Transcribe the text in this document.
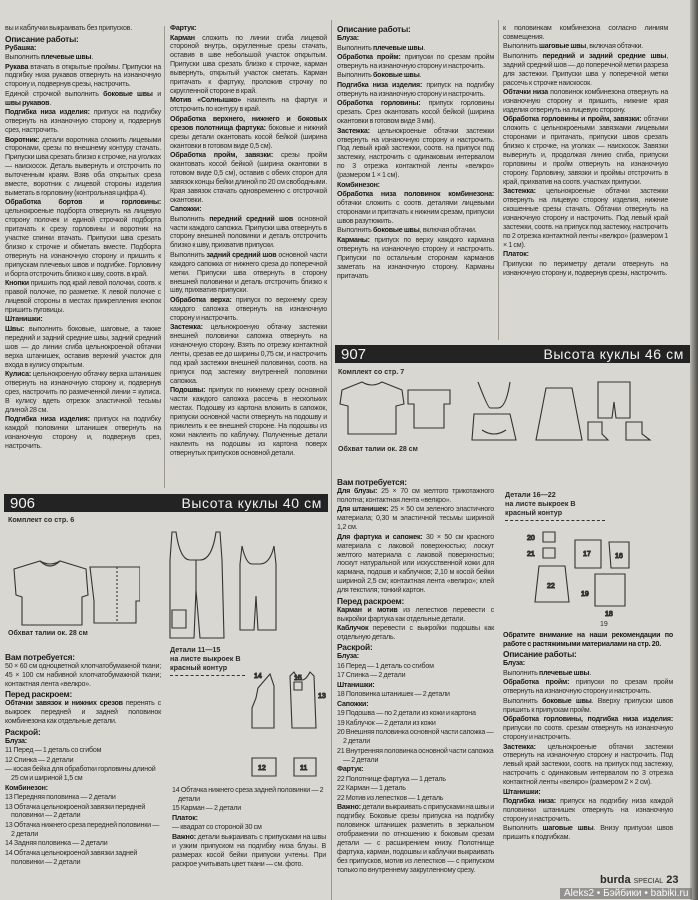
вы и каблучки выкраивать без припусков.

Описание работы:

Рубашка:

Выполнить плечевые швы.

Рукава втачать в открытые проймы. Припуски на подгибку низа рукавов отвернуть на изнаночную сторону и, подвернув срезы, настрочить.

Единой строчкой выполнить боковые швы и швы рукавов.

Подгибка низа изделия: припуск на подгибку отвернуть на изнаночную сторону и, подвернув срез, настрочить.

Воротник: детали воротника сложить лицевыми сторонами, срезы по внешнему контуру стачать. Припуски шва срезать близко к строчке, на уголках — наискосок. Деталь вывернуть и отстрочить по выточенным краям. Взяв оба открытых среза вместе, воротник с лицевой стороны изделия выметать в горловину (контрольная цифра 4).

Обработка бортов и горловины: цельнокроеные подборта отвернуть на лицевую сторону полочек и единой строчкой подборта притачать к срезу горловины и воротник на участке спинки втачать. Припуски шва срезать близко к строчке и обметать вместе. Подборта отвернуть на изнаночную сторону и пришить к припускам плечевых швов и подгибке. Горловину и борта отстрочить близко к шву, соотв. в край.

Кнопки пришить под край левой полочки, соотв. к правой полочке, по разметке. К левой полочке с лицевой стороны в местах прикрепления кнопок пришить пуговицы.

Штанишки:

Швы: выполнить боковые, шаговые, а также передний и задний средние швы, задний средний шов — до линии сгиба цельнокроеной обтачки верха штанишек, оставив верхний участок для входа в кулису открытым.

Кулиса: цельнокроеную обтачку верха штанишек отвернуть на изнаночную сторону и, подвернув срез, настрочить по размеченной линии = кулиса. В кулису вдеть отрезок эластичной тесьмы длиной 28 см.

Подгибка низа изделия: припуск на подгибку каждой половинки штанишек отвернуть на изнаночную сторону и, подвернув срез, настрочить.

Фартук:

Карман сложить по линии сгиба лицевой стороной внутрь, скругленные срезы стачать, оставив в шве небольшой участок открытым. Припуски шва срезать близко к строчке, карман вывернуть, открытый участок сметать. Карман притачать к фартуку, проложив строчку по скругленной стороне в край.

Мотив «Солнышко» наклеить на фартук и отстрочить по контуру в край.

Обработка верхнего, нижнего и боковых срезов полотнища фартука: боковые и нижний срезы детали окантовать косой бейкой (ширина окантовки в готовом виде 0,5 см).

Обработка пройм, завязки: срезы пройм окантовать косой бейкой (ширина окантовки в готовом виде 0,5 см), оставив с обеих сторон для завязок концы бейки длиной по 20 см свободными. Края завязок стачать одновременно с отстрочкой окантовки.

Сапожки:

Выполнить передний средний шов основной части каждого сапожка. Припуски шва отвернуть в сторону внешней половинки и деталь отстрочить близко к шву, прихватив припуски.

Выполнить задний средний шов основной части каждого сапожка от нижнего среза до поперечной метки. Припуски шва отвернуть в сторону внешней половинки и деталь отстрочить близко к шву, прихватив припуски.

Обработка верха: припуск по верхнему срезу каждого сапожка отвернуть на изнаночную сторону и настрочить.

Застежка: цельнокроеную обтачку застежки внешней половинки сапожка отвернуть на изнаночную сторону. Взять по отрезку контактной ленты, срезав ее до ширины 0,75 см, и настрочить под край застежки внешней половинки, соотв. на припуск под застежку внутренней половинки сапожка.

Подошвы: припуск по нижнему срезу основной части каждого сапожка рассечь в нескольких местах. Подошву из картона вложить в сапожок, припуски основной части отвернуть на подошву и приклеить к ее внешней стороне. На подошвы из кожи наклеить по каблучку. Полученные детали наклеить на подошвы из картона поверх отвернутых припусков основной детали.

Описание работы:

Блуза:

Выполнить плечевые швы.

Обработка пройм: припуски по срезам пройм отвернуть на изнаночную сторону и настрочить.

Выполнить боковые швы.

Подгибка низа изделия: припуск на подгибку отвернуть на изнаночную сторону и настрочить.

Обработка горловины: припуск горловины срезать. Срез окантовать косой бейкой (ширина окантовки в готовом виде 3 мм).

Застежка: цельнокроеные обтачки застежки отвернуть на изнаночную сторону и настрочить. Под левый край застежки, соотв. на припуск под застежку, настрочить с одинаковым интервалом по 3 отрезка контактной ленты «велкро» (размером 1 × 1 см).

Комбинезон:

Обработка низа половинок комбинезона: обтачки сложить с соотв. деталями лицевыми сторонами и притачать к нижним срезам, припуски швов разутюжить.

Выполнить боковые швы, включая обтачки.

Карманы: припуск по верху каждого кармана отвернуть на изнаночную сторону и настрочить. Припуски по остальным сторонам карманов заметать на изнаночную сторону. Карманы притачать

к половинкам комбинезона согласно линиям совмещения.

Выполнить шаговые швы, включая обтачки.

Выполнить передний и задний средние швы, задний средний шов — до поперечной метки разреза для застежки. Припуски шва у поперечной метки рассечь к строчке наискосок.

Обтачки низа половинок комбинезона отвернуть на изнаночную сторону и пришить, нижние края изделия отвернуть на лицевую сторону.

Обработка горловины и пройм, завязки: обтачки сложить с цельнокроеными завязками лицевыми сторонами и притачать, припуски швов срезать близко к строчке, на уголках — наискосок. Завязки вывернуть и, продолжая линию сгиба, припуски горловины и пройм отвернуть на изнаночную сторону. Горловину, завязки и проймы отстрочить в край, прихватив на соотв. участках припуски.

Застежка: цельнокроеные обтачки застежки отвернуть на лицевую сторону изделия, нижние скошенные срезы стачать. Обтачки отвернуть на изнаночную сторону и настрочить. Под левый край застежки, соотв. на припуск под застежку, настрочить по 2 отрезка контактной ленты «велкро» (размером 1 × 1 см).

Платок:

Припуски по периметру детали отвернуть на изнаночную сторону и, подвернув срезы, настрочить.

906	Высота куклы 40 см
Комплект со стр. 6
Обхват талии ок. 28 см
Детали 11—15
на листе выкроек B
красный контур
14	15
13
12	11

Вам потребуется:

50 × 60 см одноцветной хлопчатобумажной ткани; 45 × 100 см набивной хлопчатобумажной ткани; контактная лента «велкро».

Перед раскроем:

Обтачки завязок и нижних срезов перенять с выкроек передней и задней половинок комбинезона как отдельные детали.

Раскрой:

Блуза:

11 Перед — 1 деталь со сгибом

12 Спинка — 2 детали

— косая бейка для обработки горловины длиной 25 см и шириной 1,5 см

Комбинезон:

13 Передняя половинка — 2 детали

13 Обтачка цельнокроеной завязки передней половинки — 2 детали

13 Обтачка нижнего среза передней половинки — 2 детали

14 Задняя половинка — 2 детали

14 Обтачка цельнокроеной завязки задней половинки — 2 детали

14 Обтачка нижнего среза задней половинки — 2 детали

15 Карман — 2 детали

Платок:

— квадрат со стороной 30 см

Важно: детали выкраивать с припусками на швы и узким припуском на подгибку низа блузы. В размерах косой бейки припуски учтены. При раскрое учитывать цвет ткани — см. фото.

907	Высота куклы 46 см
Комплект со стр. 7
Обхват талии ок. 28 см
Детали 16—22
на листе выкроек B
красный контур
20
21	17	16
22
19
18

Вам потребуется:

Для блузы: 25 × 70 см желтого трикотажного полотна; контактная лента «велкро».

Для штанишек: 25 × 50 см зеленого эластичного материала; 0,30 м эластичной тесьмы шириной 1,2 см.

Для фартука и сапожек: 30 × 50 см красного материала с лаковой поверхностью; лоскут желтого материала с лаковой поверхностью; лоскут натуральной или искусственной кожи для кармана, подошв и каблучков; 2,10 м косой бейки шириной 2,5 см; контактная лента «велкро»; клей для текстиля; тонкий картон.

Перед раскроем:

Карман и мотив из лепестков перевести с выкройки фартука как отдельные детали.

Каблучок перевести с выкройки подошвы как отдельную деталь.

Раскрой:

Блуза:

16 Перед — 1 деталь со сгибом

17 Спинка — 2 детали

Штанишки:

18 Половинка штанишек — 2 детали

Сапожки:

19 Подошва — по 2 детали из кожи и картона

19 Каблучок — 2 детали из кожи

20 Внешняя половинка основной части сапожка — 2 детали

21 Внутренняя половинка основной части сапожка — 2 детали

Фартук:

22 Полотнище фартука — 1 деталь

22 Карман — 1 деталь

22 Мотив из лепестков — 1 деталь

Важно: детали выкраивать с припусками на швы и подгибку. Боковые срезы припуска на подгибку половинок штанишек разметить в зеркальном отображении по отношению к боковым срезам детали — с расширением книзу. Полотнище фартука, карман, подошвы и каблучки выкраивать без припусков, мотив из лепестков — с припуском только по внутреннему закругленному срезу.

19

Обратите внимание на наши рекомендации по работе с растяжимыми материалами на стр. 20.

Описание работы:

Блуза:

Выполнить плечевые швы.

Обработка пройм: припуски по срезам пройм отвернуть на изнаночную сторону и настрочить.

Выполнить боковые швы. Вверху припуски швов пришить к припускам пройм.

Обработка горловины, подгибка низа изделия: припуски по соотв. срезам отвернуть на изнаночную сторону и настрочить.

Застежка: цельнокроеные обтачки застежки отвернуть на изнаночную сторону и настрочить. Под левый край застежки, соотв. на припуск под застежку, настрочить с одинаковым интервалом по 3 отрезка контактной ленты «велкро» (размером 2 × 2 см).

Штанишки:

Подгибка низа: припуск на подгибку низа каждой половинки штанишек отвернуть на изнаночную сторону и настрочить.

Выполнить шаговые швы. Внизу припуски швов пришить к подгибкам.

burda SPECIAL 23
Aleks2 • Бэйбики • babiki.ru
